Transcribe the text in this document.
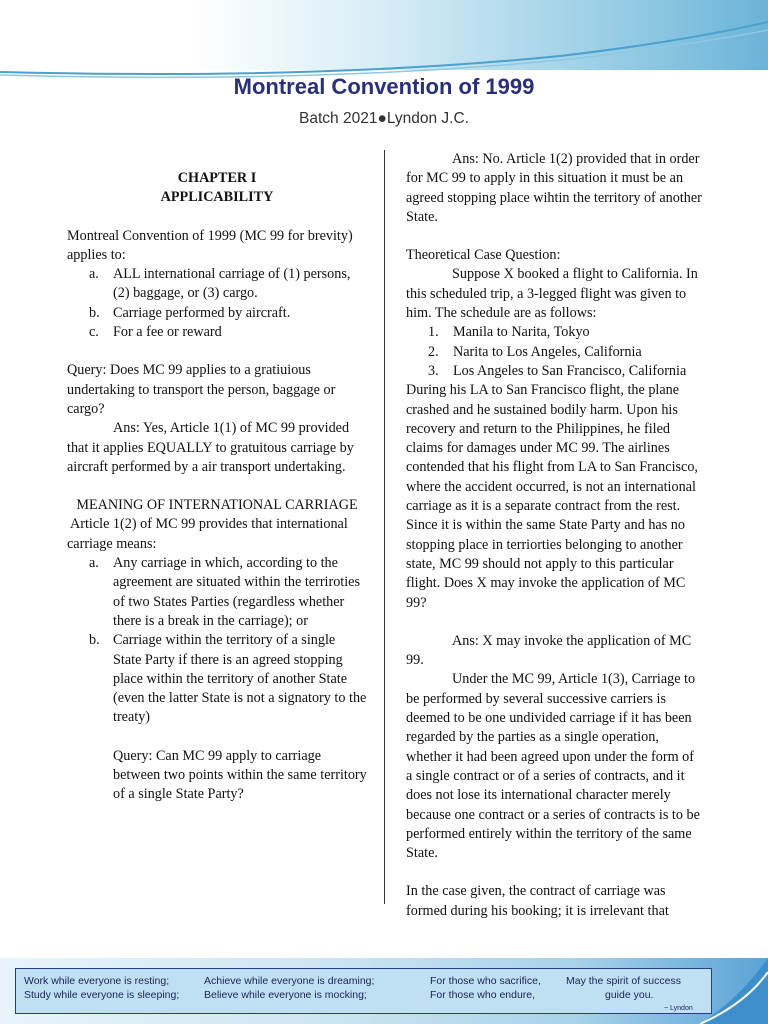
Montreal Convention of 1999
Batch 2021●Lyndon J.C.

CHAPTER I

APPLICABILITY

Montreal Convention of 1999 (MC 99 for brevity) applies to:

a. ALL international carriage of (1) persons, (2) baggage, or (3) cargo.
b. Carriage performed by aircraft.
c. For a fee or reward

Query: Does MC 99 applies to a gratiuious undertaking to transport the person, baggage or cargo?

Ans: Yes, Article 1(1) of MC 99 provided that it applies EQUALLY to gratuitous carriage by aircraft performed by a air transport undertaking.

MEANING OF INTERNATIONAL CARRIAGE

Article 1(2) of MC 99 provides that international carriage means:

a. Any carriage in which, according to the agreement are situated within the terriroties of two States Parties (regardless whether there is a break in the carriage); or
b. Carriage within the territory of a single State Party if there is an agreed stopping place within the territory of another State (even the latter State is not a signatory to the treaty)

Query: Can MC 99 apply to carriage between two points within the same territory of a single State Party?

Ans: No. Article 1(2) provided that in order for MC 99 to apply in this situation it must be an agreed stopping place wihtin the territory of another State.

Theoretical Case Question:

Suppose X booked a flight to California. In this scheduled trip, a 3-legged flight was given to him. The schedule are as follows:

1. Manila to Narita, Tokyo
2. Narita to Los Angeles, California
3. Los Angeles to San Francisco, California

During his LA to San Francisco flight, the plane crashed and he sustained bodily harm. Upon his recovery and return to the Philippines, he filed claims for damages under MC 99. The airlines contended that his flight from LA to San Francisco, where the accident occurred, is not an international carriage as it is a separate contract from the rest. Since it is within the same State Party and has no stopping place in terriorties belonging to another state, MC 99 should not apply to this particular flight. Does X may invoke the application of MC 99?

Ans: X may invoke the application of MC 99.

Under the MC 99, Article 1(3), Carriage to be performed by several successive carriers is deemed to be one undivided carriage if it has been regarded by the parties as a single operation, whether it had been agreed upon under the form of a single contract or of a series of contracts, and it does not lose its international character merely because one contract or a series of contracts is to be performed entirely within the territory of the same State.

In the case given, the contract of carriage was formed during his booking; it is irrelevant that

Work while everyone is resting;
Study while everyone is sleeping;
Achieve while everyone is dreaming;
Believe while everyone is mocking;
For those who sacrifice,
For those who endure,
May the spirit of success
guide you.
~ Lyndon
